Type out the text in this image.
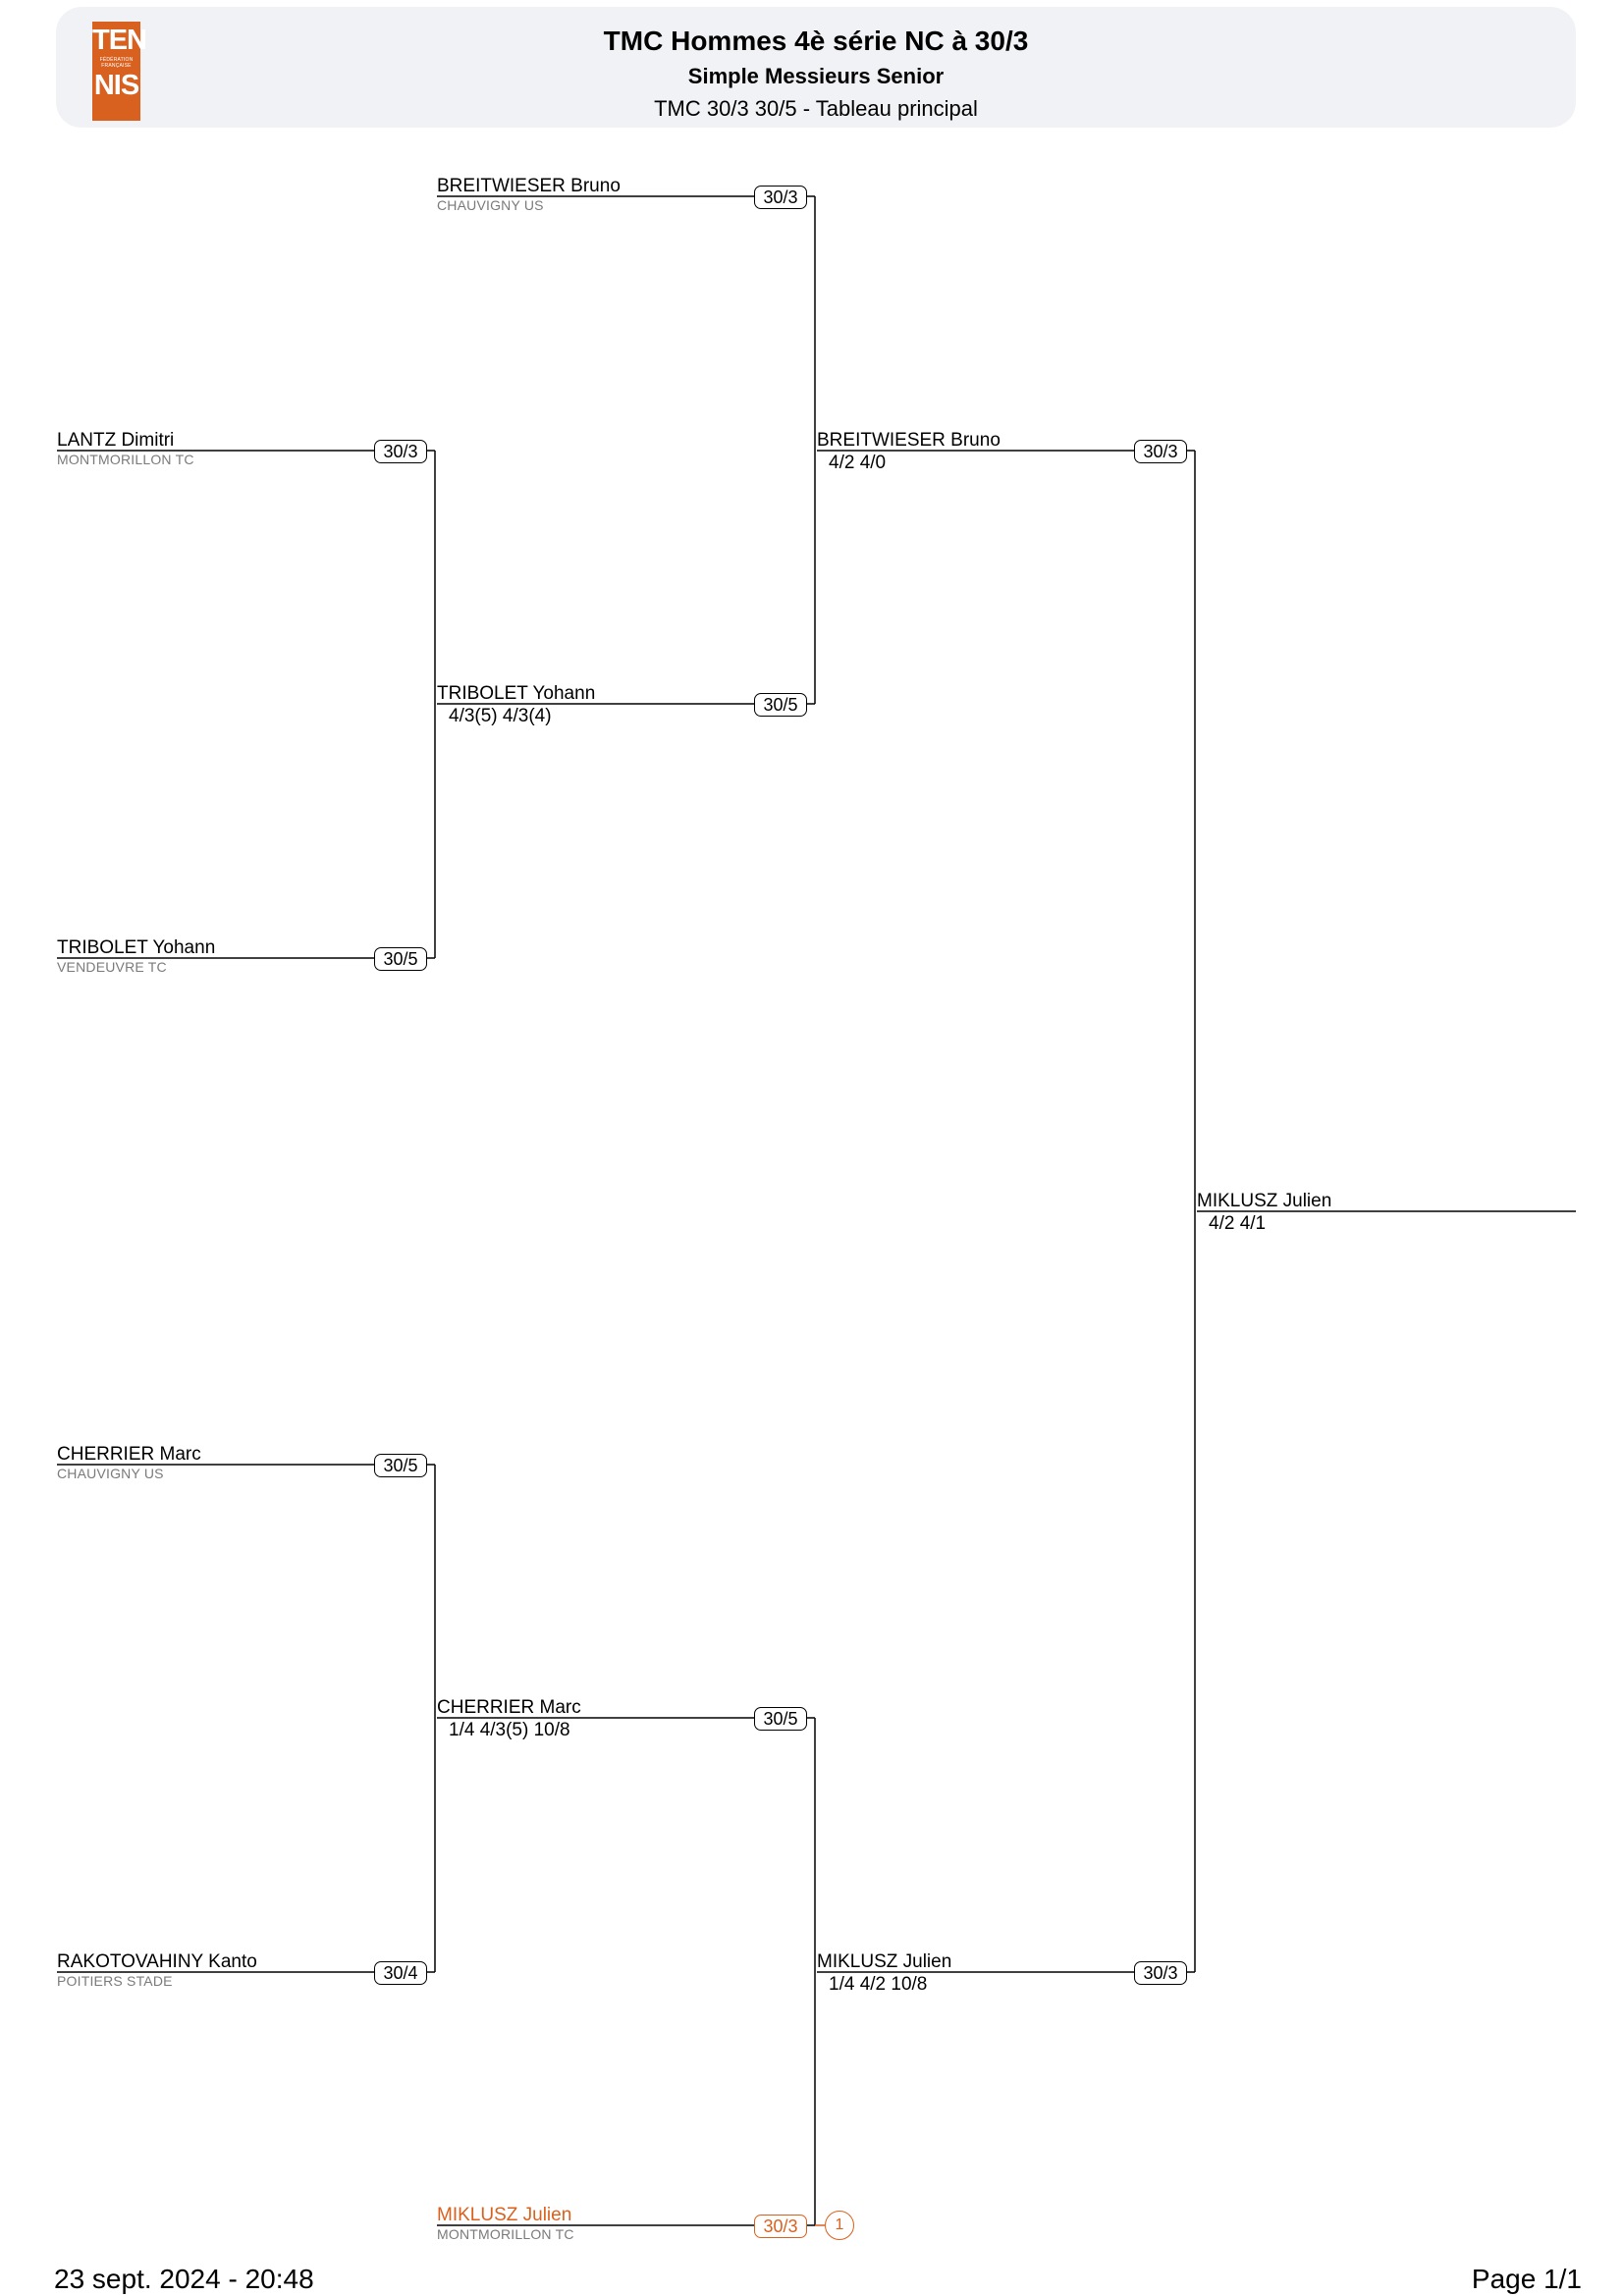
TEN
FÉDÉRATION FRANÇAISE
NIS
TMC Hommes 4è série NC à 30/3
Simple Messieurs Senior
TMC 30/3 30/5 - Tableau principal
LANTZ Dimitri
MONTMORILLON TC	30/3
TRIBOLET Yohann
VENDEUVRE TC	30/5
CHERRIER Marc
CHAUVIGNY US	30/5
RAKOTOVAHINY Kanto
POITIERS STADE	30/4
BREITWIESER Bruno
CHAUVIGNY US	30/3
TRIBOLET Yohann
4/3(5) 4/3(4)
30/5
CHERRIER Marc
1/4 4/3(5) 10/8
30/5
MIKLUSZ Julien
MONTMORILLON TC	30/3	1
BREITWIESER Bruno
4/2 4/0
30/3
MIKLUSZ Julien
1/4 4/2 10/8
30/3
MIKLUSZ Julien
4/2 4/1
23 sept. 2024 - 20:48	Page 1/1
